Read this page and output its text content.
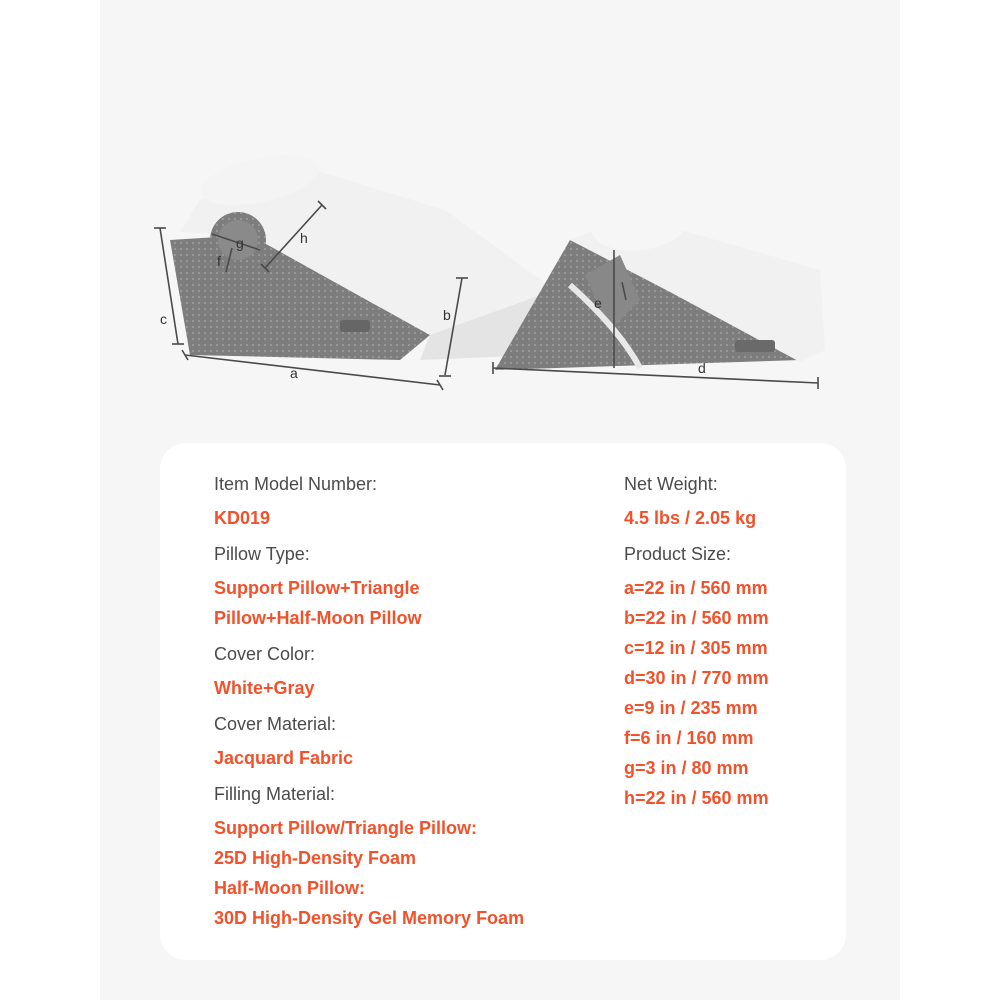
a
b
c
h
g
f
d
e
Item Model Number:
KD019
Pillow Type:
Support Pillow+Triangle
Pillow+Half-Moon Pillow
Cover Color:
White+Gray
Cover Material:
Jacquard Fabric
Filling Material:
Support Pillow/Triangle Pillow:
25D High-Density Foam
Half-Moon Pillow:
30D High-Density Gel Memory Foam
Net Weight:
4.5 lbs / 2.05 kg
Product Size:
a=22 in / 560 mm
b=22 in / 560 mm
c=12 in / 305 mm
d=30 in / 770 mm
e=9 in / 235 mm
f=6 in / 160 mm
g=3 in / 80 mm
h=22 in / 560 mm
